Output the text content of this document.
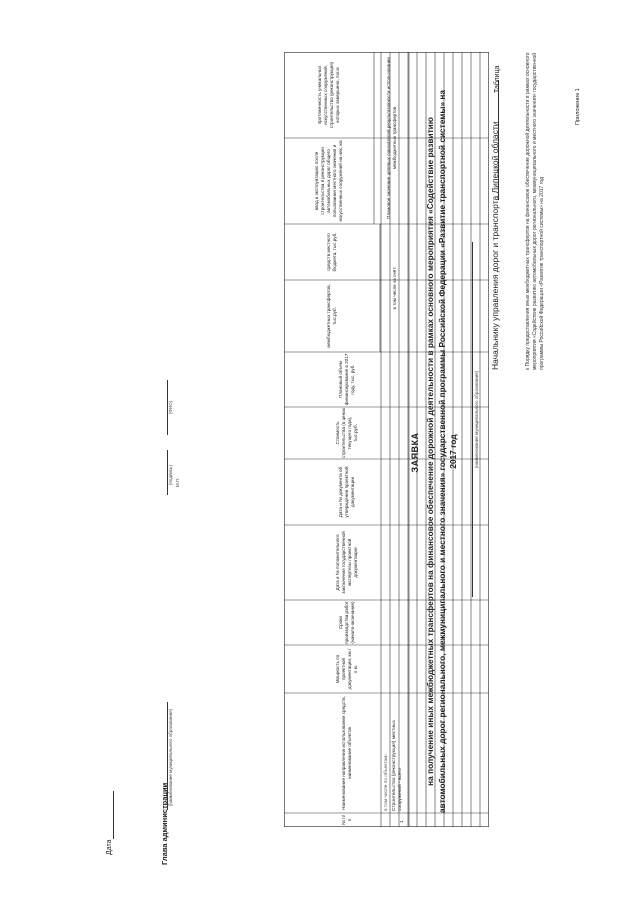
Приложение 1
к Порядку предоставления иных межбюджетных трансфертов на финансовое обеспечение дорожной деятельности в рамках основного мероприятия «Содействие развитию автомобильных дорог регионального, межмуниципального и местного значения» государственной программы Российской Федерации «Развитие транспортной системы» на 2017 год
Начальнику управления дорог и транспорта Липецкой области
Дата
ЗАЯВКА на получение иных межбюджетных трансфертов на финансовое обеспечение дорожной деятельности в рамках основного мероприятия «Содействие развитию автомобильных дорог регионального, межмуниципального и местного значения» государственной программы Российской Федерации «Развитие транспортной системы» на 2017 год	(наименование муниципального образования)
Таблица
№ п/п
Наименование направления использования средств, наименование объектов
Мощность по проектной документации, км / п.м.
Сроки производства работ (начало-окончание)
Дата и № положительного заключения государственной экспертизы проектной документации
Дата и № документа об утверждении проектной документации
Стоимость строительства (в ценах текущего года), тыс.руб.
Плановый объем финансирования в 2017 году, тыс. руб.
в том числе за счёт:
межбюджетных трансфертов, тыс.руб.
средств местного бюджета, тыс.руб.
Плановое значение целевых показателей результативности использования межбюджетных трансфертов
ввод в эксплуатацию после строительства и реконструкции автомобильных дорог общего пользования местного значения и искусственных сооружений на них, км
протяженность уникальных искусственных сооружений, строительство (реконструкция) которых завершено, пог.м
1
Строительство (реконструкция) местных сооружений - всего
в том числе по объектам:
Глава администрации
(наименование муниципального образования)
(подпись)
(ФИО)
М.П.
